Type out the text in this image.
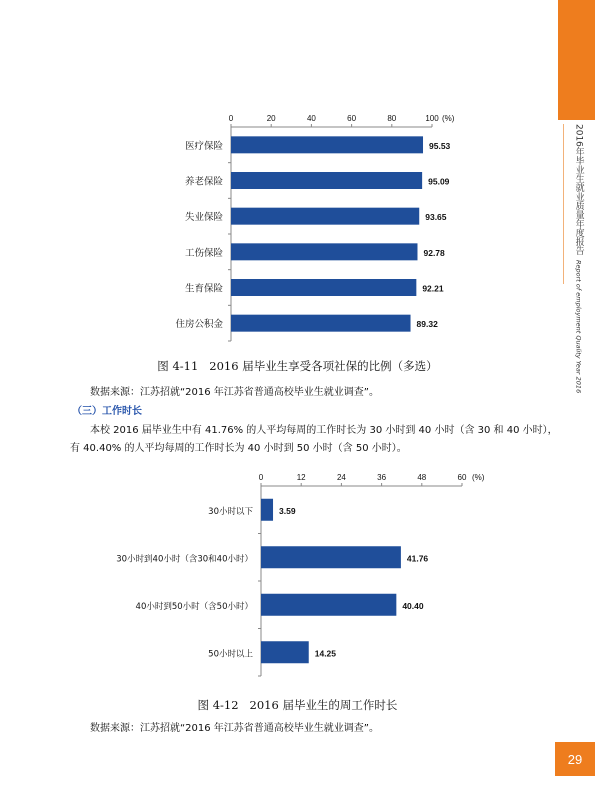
2016年毕业生就业质量年度报告 Report of employment Quality Year 2016
0	20	40	60	80	100 (%)
医疗保险	95.53
养老保险	95.09
失业保险	93.65
工伤保险	92.78
生育保险	92.21
住房公积金	89.32
图 4-11 2016 届毕业生享受各项社保的比例（多选）
数据来源：江苏招就“2016 年江苏省普通高校毕业生就业调查”。
（三）工作时长
本校 2016 届毕业生中有 41.76% 的人平均每周的工作时长为 30 小时到 40 小时（含 30 和 40 小时），
有 40.40% 的人平均每周的工作时长为 40 小时到 50 小时（含 50 小时）。
0	12	24	36	48	60 (%)
30小时以下	3.59
30小时到40小时（含30和40小时）	41.76
40小时到50小时（含50小时）	40.40
50小时以上	14.25
图 4-12 2016 届毕业生的周工作时长
数据来源：江苏招就“2016 年江苏省普通高校毕业生就业调查”。
29
